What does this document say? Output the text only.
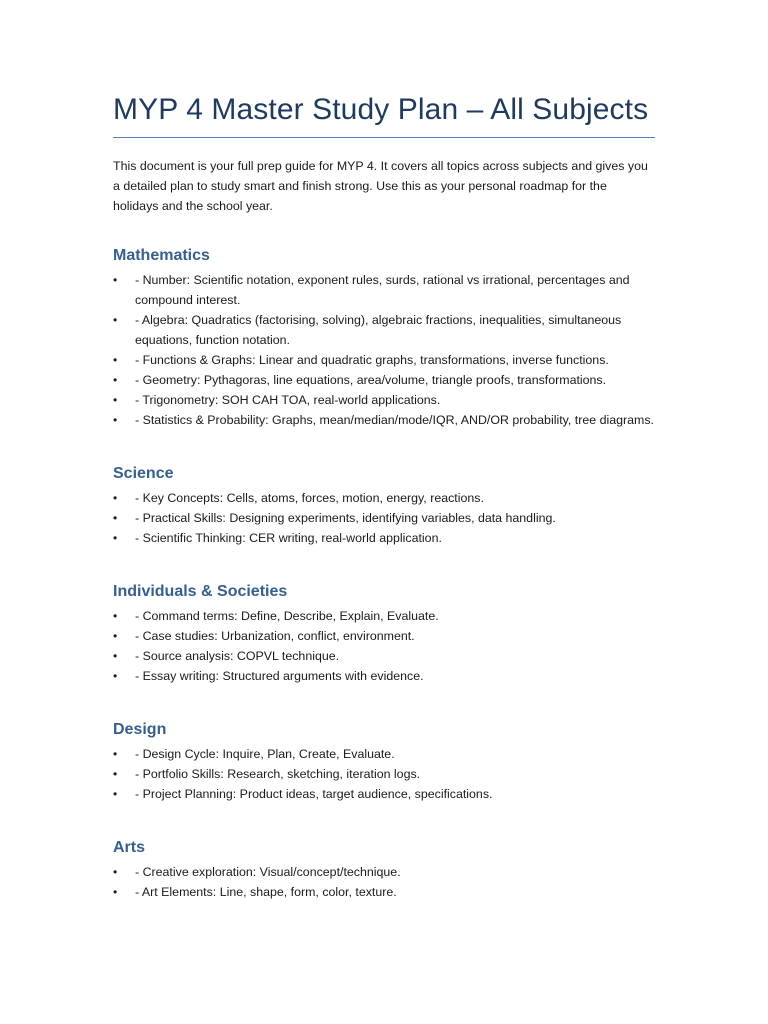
MYP 4 Master Study Plan – All Subjects

This document is your full prep guide for MYP 4. It covers all topics across subjects and gives you a detailed plan to study smart and finish strong. Use this as your personal roadmap for the holidays and the school year.

Mathematics
•	- Number: Scientific notation, exponent rules, surds, rational vs irrational, percentages and compound interest.
•	- Algebra: Quadratics (factorising, solving), algebraic fractions, inequalities, simultaneous equations, function notation.
•	- Functions & Graphs: Linear and quadratic graphs, transformations, inverse functions.
•	- Geometry: Pythagoras, line equations, area/volume, triangle proofs, transformations.
•	- Trigonometry: SOH CAH TOA, real-world applications.
•	- Statistics & Probability: Graphs, mean/median/mode/IQR, AND/OR probability, tree diagrams.
Science
•	- Key Concepts: Cells, atoms, forces, motion, energy, reactions.
•	- Practical Skills: Designing experiments, identifying variables, data handling.
•	- Scientific Thinking: CER writing, real-world application.
Individuals & Societies
•	- Command terms: Define, Describe, Explain, Evaluate.
•	- Case studies: Urbanization, conflict, environment.
•	- Source analysis: COPVL technique.
•	- Essay writing: Structured arguments with evidence.
Design
•	- Design Cycle: Inquire, Plan, Create, Evaluate.
•	- Portfolio Skills: Research, sketching, iteration logs.
•	- Project Planning: Product ideas, target audience, specifications.
Arts
•	- Creative exploration: Visual/concept/technique.
•	- Art Elements: Line, shape, form, color, texture.
